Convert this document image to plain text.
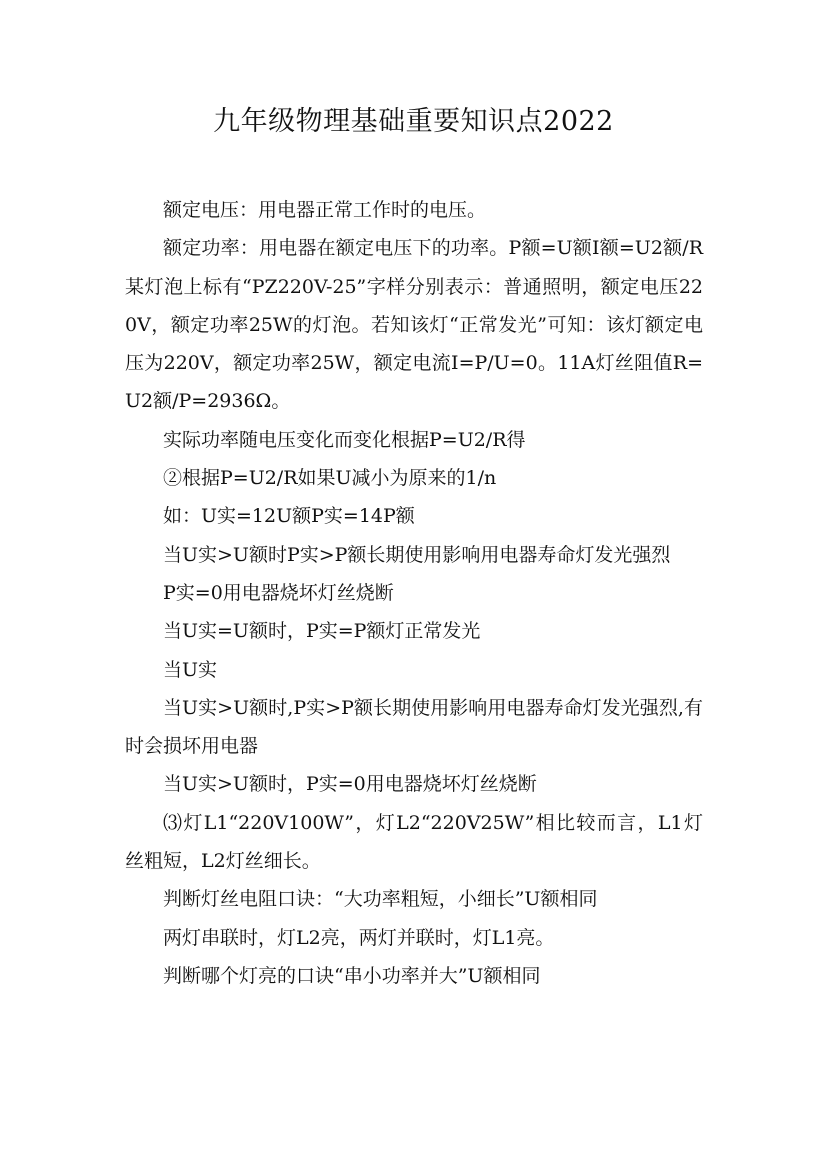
九年级物理基础重要知识点2022

额定电压：用电器正常工作时的电压。

额定功率：用电器在额定电压下的功率。P额=U额I额=U2额/R某灯泡上标有“PZ220V-25”字样分别表示：普通照明，额定电压220V，额定功率25W的灯泡。若知该灯“正常发光”可知：该灯额定电压为220V，额定功率25W，额定电流I=P/U=0。11A灯丝阻值R=U2额/P=2936Ω。

实际功率随电压变化而变化根据P=U2/R得

②根据P=U2/R如果U减小为原来的1/n

如：U实=12U额P实=14P额

当U实>U额时P实>P额长期使用影响用电器寿命灯发光强烈

P实=0用电器烧坏灯丝烧断

当U实=U额时，P实=P额灯正常发光

当U实

当U实>U额时,P实>P额长期使用影响用电器寿命灯发光强烈,有时会损坏用电器

当U实>U额时，P实=0用电器烧坏灯丝烧断

⑶灯L1“220V100W”，灯L2“220V25W”相比较而言，L1灯丝粗短，L2灯丝细长。

判断灯丝电阻口诀：“大功率粗短，小细长”U额相同

两灯串联时，灯L2亮，两灯并联时，灯L1亮。

判断哪个灯亮的口诀“串小功率并大”U额相同
